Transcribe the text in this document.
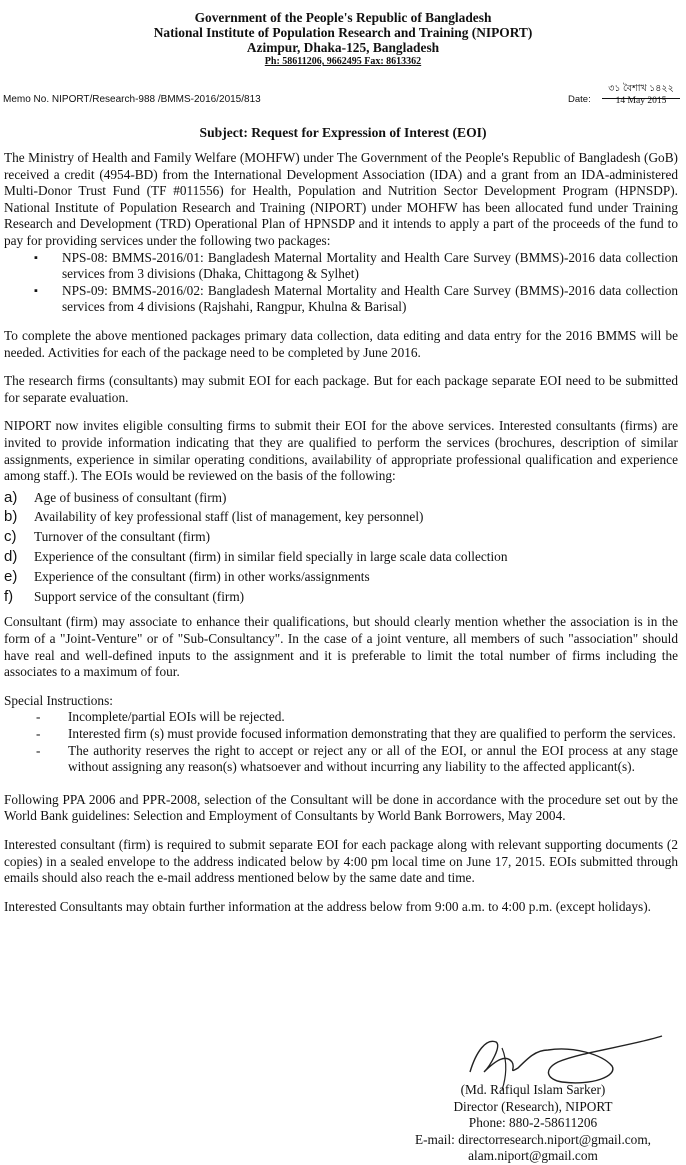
Government of the People's Republic of Bangladesh
National Institute of Population Research and Training (NIPORT)
Azimpur, Dhaka-125, Bangladesh
Ph: 58611206, 9662495 Fax: 8613362
Memo No. NIPORT/Research-988 /BMMS-2016/2015/813	Date:
৩১ বৈশাখ ১৪২২
14 May 2015
Subject: Request for Expression of Interest (EOI)

The Ministry of Health and Family Welfare (MOHFW) under The Government of the People's Republic of Bangladesh (GoB) received a credit (4954-BD) from the International Development Association (IDA) and a grant from an IDA-administered Multi-Donor Trust Fund (TF #011556) for Health, Population and Nutrition Sector Development Program (HPNSDP). National Institute of Population Research and Training (NIPORT) under MOHFW has been allocated fund under Training Research and Development (TRD) Operational Plan of HPNSDP and it intends to apply a part of the proceeds of the fund to pay for providing services under the following two packages:

▪ NPS-08: BMMS-2016/01: Bangladesh Maternal Mortality and Health Care Survey (BMMS)-2016 data collection services from 3 divisions (Dhaka, Chittagong & Sylhet)
▪ NPS-09: BMMS-2016/02: Bangladesh Maternal Mortality and Health Care Survey (BMMS)-2016 data collection services from 4 divisions (Rajshahi, Rangpur, Khulna & Barisal)

To complete the above mentioned packages primary data collection, data editing and data entry for the 2016 BMMS will be needed. Activities for each of the package need to be completed by June 2016.

The research firms (consultants) may submit EOI for each package. But for each package separate EOI need to be submitted for separate evaluation.

NIPORT now invites eligible consulting firms to submit their EOI for the above services. Interested consultants (firms) are invited to provide information indicating that they are qualified to perform the services (brochures, description of similar assignments, experience in similar operating conditions, availability of appropriate professional qualification and experience among staff.). The EOIs would be reviewed on the basis of the following:

a)	Age of business of consultant (firm)
b)	Availability of key professional staff (list of management, key personnel)
c)	Turnover of the consultant (firm)
d)	Experience of the consultant (firm) in similar field specially in large scale data collection
e)	Experience of the consultant (firm) in other works/assignments
f)	Support service of the consultant (firm)

Consultant (firm) may associate to enhance their qualifications, but should clearly mention whether the association is in the form of a "Joint-Venture" or of "Sub-Consultancy". In the case of a joint venture, all members of such "association" should have real and well-defined inputs to the assignment and it is preferable to limit the total number of firms including the associates to a maximum of four.

Special Instructions:

- Incomplete/partial EOIs will be rejected.
- Interested firm (s) must provide focused information demonstrating that they are qualified to perform the services.
- The authority reserves the right to accept or reject any or all of the EOI, or annul the EOI process at any stage without assigning any reason(s) whatsoever and without incurring any liability to the affected applicant(s).

Following PPA 2006 and PPR-2008, selection of the Consultant will be done in accordance with the procedure set out by the World Bank guidelines: Selection and Employment of Consultants by World Bank Borrowers, May 2004.

Interested consultant (firm) is required to submit separate EOI for each package along with relevant supporting documents (2 copies) in a sealed envelope to the address indicated below by 4:00 pm local time on June 17, 2015. EOIs submitted through emails should also reach the e-mail address mentioned below by the same date and time.

Interested Consultants may obtain further information at the address below from 9:00 a.m. to 4:00 p.m. (except holidays).

(Md. Rafiqul Islam Sarker)
Director (Research), NIPORT
Phone: 880-2-58611206
E-mail: directorresearch.niport@gmail.com,
alam.niport@gmail.com
